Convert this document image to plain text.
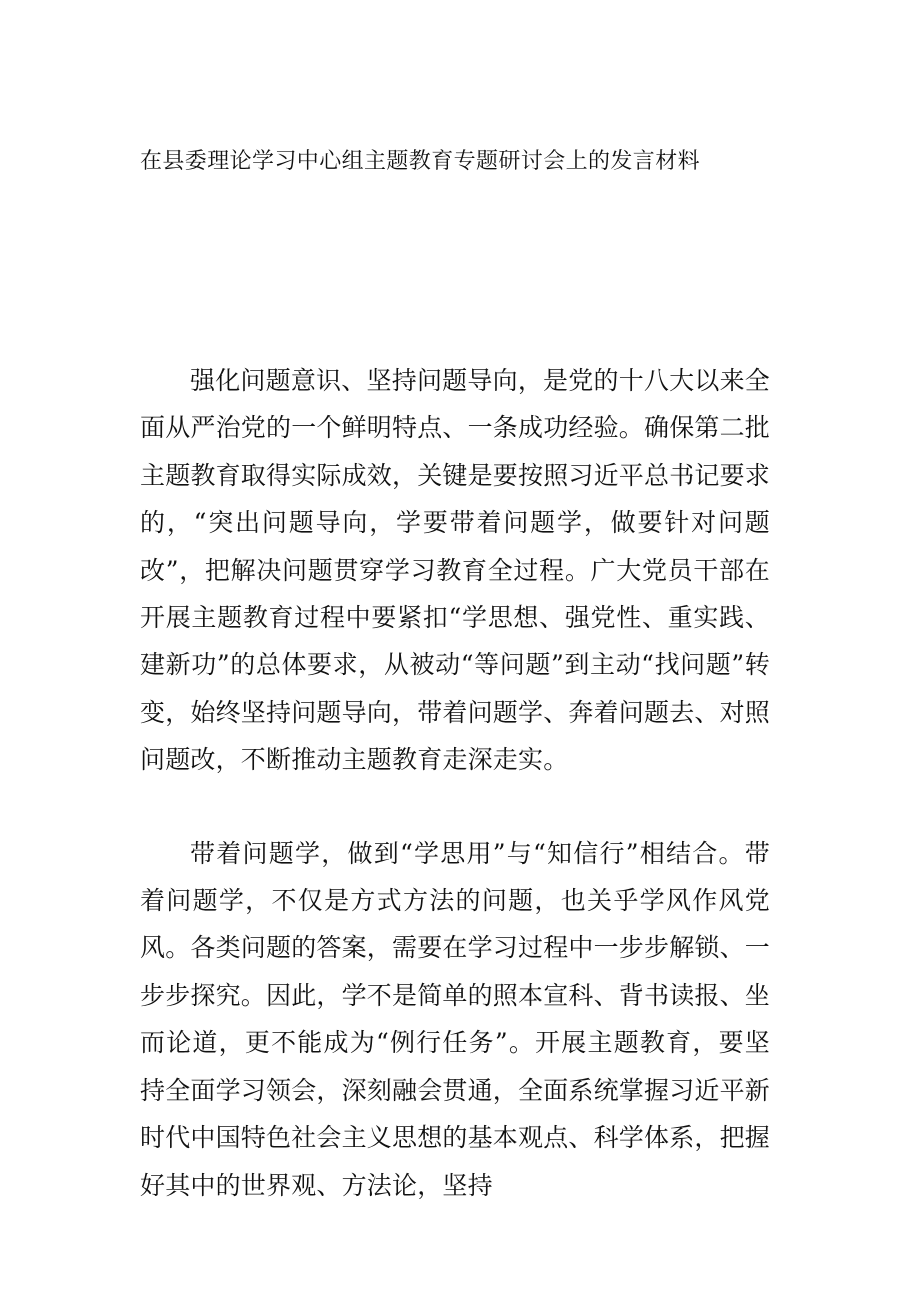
在县委理论学习中心组主题教育专题研讨会上的发言材料

强化问题意识、坚持问题导向，是党的十八大以来全面从严治党的一个鲜明特点、一条成功经验。确保第二批主题教育取得实际成效，关键是要按照习近平总书记要求的，“突出问题导向，学要带着问题学，做要针对问题改”，把解决问题贯穿学习教育全过程。广大党员干部在开展主题教育过程中要紧扣“学思想、强党性、重实践、建新功”的总体要求，从被动“等问题”到主动“找问题”转变，始终坚持问题导向，带着问题学、奔着问题去、对照问题改，不断推动主题教育走深走实。

带着问题学，做到“学思用”与“知信行”相结合。带着问题学，不仅是方式方法的问题，也关乎学风作风党风。各类问题的答案，需要在学习过程中一步步解锁、一步步探究。因此，学不是简单的照本宣科、背书读报、坐而论道，更不能成为“例行任务”。开展主题教育，要坚持全面学习领会，深刻融会贯通，全面系统掌握习近平新时代中国特色社会主义思想的基本观点、科学体系，把握好其中的世界观、方法论，坚持
